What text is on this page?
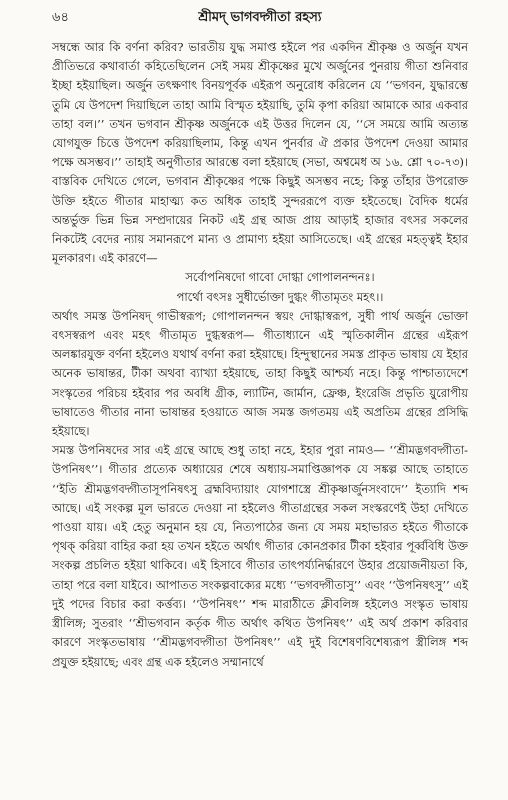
৬৪	শ্রীমদ্ ভাগবদ্গীতা রহস্য

সম্বন্ধে আর কি বর্ণনা করিব? ভারতীয় যুদ্ধ সমাপ্ত হইলে পর একদিন শ্রীকৃষ্ণ ও অর্জুন যখন প্রীতিভরে কথাবার্তা কহিতেছিলেন সেই সময় শ্রীকৃষ্ণের মুখে অর্জুনের পুনরায় গীতা শুনিবার ইচ্ছা হইয়াছিল। অর্জুন তৎক্ষণাৎ বিনয়পূর্বক এইরূপ অনুরোধ করিলেন যে ‘‘ভগবন, যুদ্ধারম্ভে তুমি যে উপদেশ দিয়াছিলে তাহা আমি বিস্মৃত হইয়াছি, তুমি কৃপা করিয়া আমাকে আর একবার তাহা বল।’’ তখন ভগবান শ্রীকৃষ্ণ অর্জুনকে এই উত্তর দিলেন যে, ‘‘সে সময়ে আমি অত্যন্ত যোগযুক্ত চিত্তে উপদেশ করিয়াছিলাম, কিন্তু এখন পুনর্বার ঐ প্রকার উপদেশ দেওয়া আমার পক্ষে অসম্ভব।’’ তাহাই অনুগীতার আরম্ভে বলা হইয়াছে (সভা, অশ্বমেধ অ ১৬. শ্লো ৭০-৭৩)। বাস্তবিক দেখিতে গেলে, ভগবান শ্রীকৃষ্ণের পক্ষে কিছুই অসম্ভব নহে; কিন্তু তাঁহার উপরোক্ত উক্তি হইতে গীতার মাহাত্ম্য কত অধিক তাহাই সুন্দররূপে ব্যক্ত হইতেছে। বৈদিক ধর্মের অন্তর্ভুক্ত ভিন্ন ভিন্ন সম্প্রদায়ের নিকট এই গ্রন্থ আজ প্রায় আড়াই হাজার বৎসর সকলের নিকটেই বেদের ন্যায় সমানরূপে মান্য ও প্রামাণ্য হইয়া আসিতেছে। এই গ্রন্থের মহত্ত্বই ইহার মূলকারণ। এই কারণে—

সর্বোপনিষদো গাবো দোগ্ধা গোপালনন্দনঃ।
পার্থো বৎসঃ সুধীর্ভোক্তা দুগ্ধং গীতামৃতং মহৎ।।

অর্থাৎ সমস্ত উপনিষদ্ গাভীস্বরূপ; গোপালনন্দন স্বয়ং দোগ্ধাস্বরূপ, সুধী পার্থ অর্জুন ভোক্তা বৎসস্বরূপ এবং মহৎ গীতামৃত দুগ্ধস্বরূপ— গীতাধ্যানে এই স্মৃতিকালীন গ্রন্থের এইরূপ অলঙ্কারযুক্ত বর্ণনা হইলেও যথার্থ বর্ণনা করা হইয়াছে। হিন্দুস্থানের সমস্ত প্রাকৃত ভাষায় যে ইহার অনেক ভাষান্তর, টীকা অথবা ব্যাখ্যা হইয়াছে, তাহা কিছুই আশ্চর্য্য নহে। কিন্তু পাশ্চাত্যদেশে সংস্কৃতের পরিচয় হইবার পর অবধি গ্রীক, ল্যাটিন, জার্মান, ফ্রেঞ্চ, ইংরেজি প্রভৃতি য়ুরোপীয় ভাষাতেও গীতার নানা ভাষান্তর হওয়াতে আজ সমস্ত জগতময় এই অপ্রতিম গ্রন্থের প্রসিদ্ধি হইয়াছে।

সমস্ত উপনিষদের সার এই গ্রন্থে আছে শুধু তাহা নহে, ইহার পুরা নামও— ‘‘শ্রীমদ্ভগবদ্গীতা-উপনিষৎ’’। গীতার প্রত্যেক অধ্যায়ের শেষে অধ্যায়-সমাপ্তিজ্ঞাপক যে সঙ্কল্প আছে তাহাতে ‘‘ইতি শ্রীমদ্ভগবদ্গীতাসূপনিষৎসু ব্রহ্মবিদ্যায়াং যোগশাস্ত্রে শ্রীকৃষ্ণার্জুনসংবাদে’’ ইত্যাদি শব্দ আছে। এই সংকল্প মূল ভারতে দেওয়া না হইলেও গীতাগ্রন্থের সকল সংস্করণেই উহা দেখিতে পাওয়া যায়। এই হেতু অনুমান হয় যে, নিত্যপাঠের জন্য যে সময় মহাভারত হইতে গীতাকে পৃথক্ করিয়া বাহির করা হয় তখন হইতে অর্থাৎ গীতার কোনপ্রকার টীকা হইবার পূর্ব্ববিধি উক্ত সংকল্প প্রচলিত হইয়া থাকিবে। এই হিসাবে গীতার তাৎপর্য্যনির্দ্ধারণে উহার প্রয়োজনীয়তা কি, তাহা পরে বলা যাইবে। আপাতত সংকল্পবাক্যের মধ্যে ‘‘ভগবদ্গীতাসু’’ এবং ‘‘উপনিষৎসু’’ এই দুই পদের বিচার করা কর্ত্তব্য। ‘‘উপনিষৎ’’ শব্দ মারাঠীতে ক্লীবলিঙ্গ হইলেও সংস্কৃত ভাষায় স্ত্রীলিঙ্গ; সুতরাং ‘‘শ্রীভগবান কর্তৃক গীত অর্থাৎ কথিত উপনিষৎ’’ এই অর্থ প্রকাশ করিবার কারণে সংস্কৃতভাষায় ‘‘শ্রীমদ্ভগবদ্গীতা উপনিষৎ’’ এই দুই বিশেষণবিশেষ্যরূপ স্ত্রীলিঙ্গ শব্দ প্রযুক্ত হইয়াছে; এবং গ্রন্থ এক হইলেও সম্মানার্থে
